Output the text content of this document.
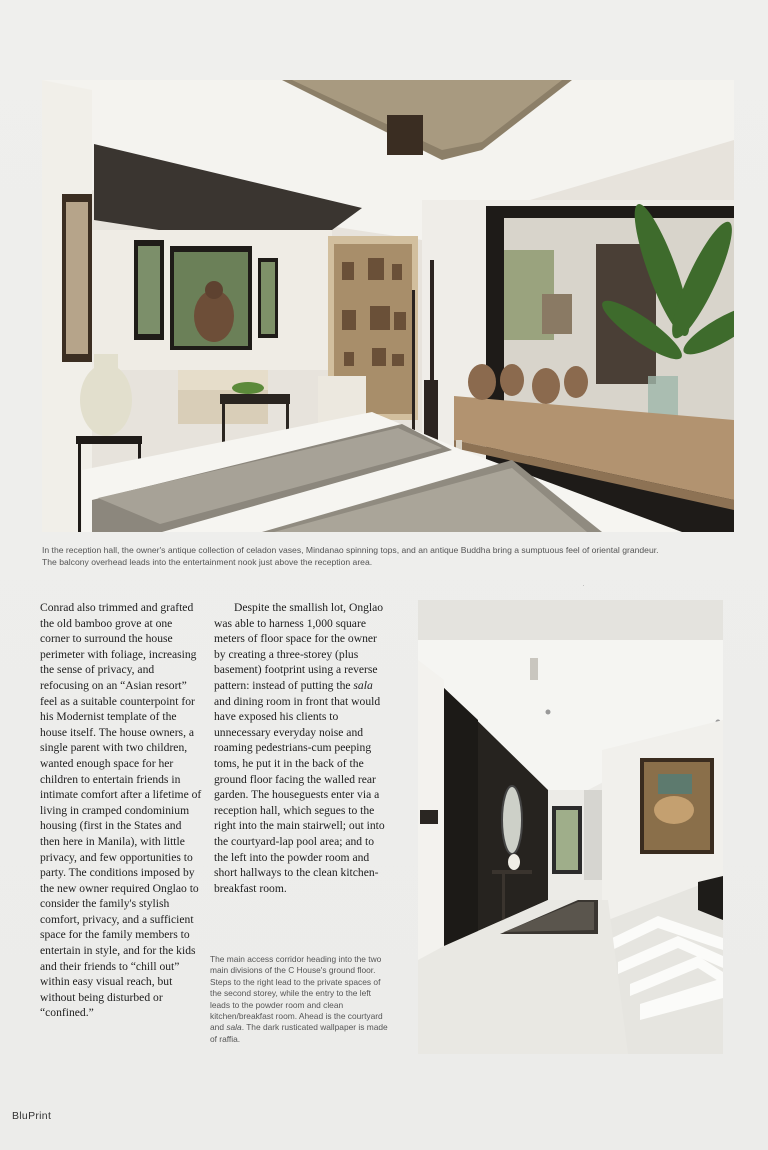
In the reception hall, the owner's antique collection of celadon vases, Mindanao spinning tops, and an antique Buddha bring a sumptuous feel of oriental grandeur.
The balcony overhead leads into the entertainment nook just above the reception area.

·

Conrad also trimmed and grafted the old bamboo grove at one corner to surround the house perimeter with foliage, increasing the sense of privacy, and refocusing on an “Asian resort” feel as a suitable counterpoint for his Modernist template of the house itself. The house owners, a single parent with two children, wanted enough space for her children to entertain friends in intimate comfort after a lifetime of living in cramped condominium housing (first in the States and then here in Manila), with little privacy, and few opportunities to party. The conditions imposed by the new owner required Onglao to consider the family's stylish comfort, privacy, and a sufficient space for the family members to entertain in style, and for the kids and their friends to “chill out” within easy visual reach, but without being disturbed or “confined.”

Despite the smallish lot, Onglao was able to harness 1,000 square meters of floor space for the owner by creating a three-storey (plus basement) footprint using a reverse pattern: instead of putting the sala and dining room in front that would have exposed his clients to unnecessary everyday noise and roaming pedestrians-cum peeping toms, he put it in the back of the ground floor facing the walled rear garden. The houseguests enter via a reception hall, which segues to the right into the main stairwell; out into the courtyard-lap pool area; and to the left into the powder room and short hallways to the clean kitchen-breakfast room.

The main access corridor heading into the two main divisions of the C House's ground floor. Steps to the right lead to the private spaces of the second storey, while the entry to the left leads to the powder room and clean kitchen/breakfast room. Ahead is the courtyard and sala. The dark rusticated wallpaper is made of raffia.

BluPrint
